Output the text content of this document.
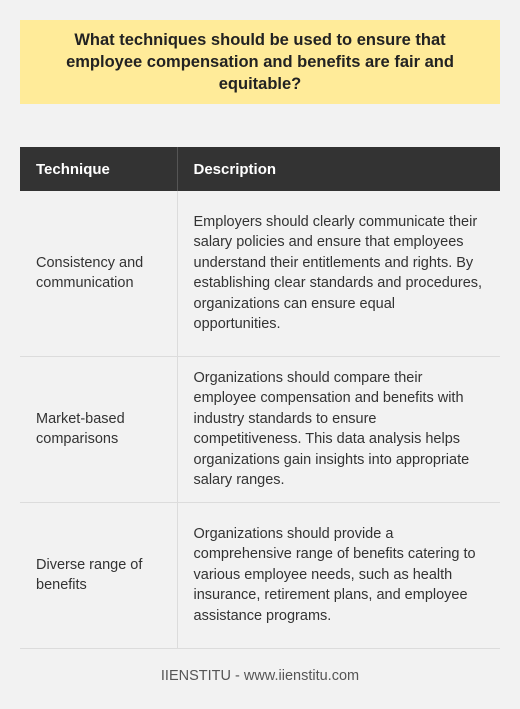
What techniques should be used to ensure that employee compensation and benefits are fair and equitable?
Technique	Description
Consistency and communication	Employers should clearly communicate their salary policies and ensure that employees understand their entitlements and rights. By establishing clear standards and procedures, organizations can ensure equal opportunities.
Market-based comparisons	Organizations should compare their employee compensation and benefits with industry standards to ensure competitiveness. This data analysis helps organizations gain insights into appropriate salary ranges.
Diverse range of benefits	Organizations should provide a comprehensive range of benefits catering to various employee needs, such as health insurance, retirement plans, and employee assistance programs.
IIENSTITU - www.iienstitu.com
